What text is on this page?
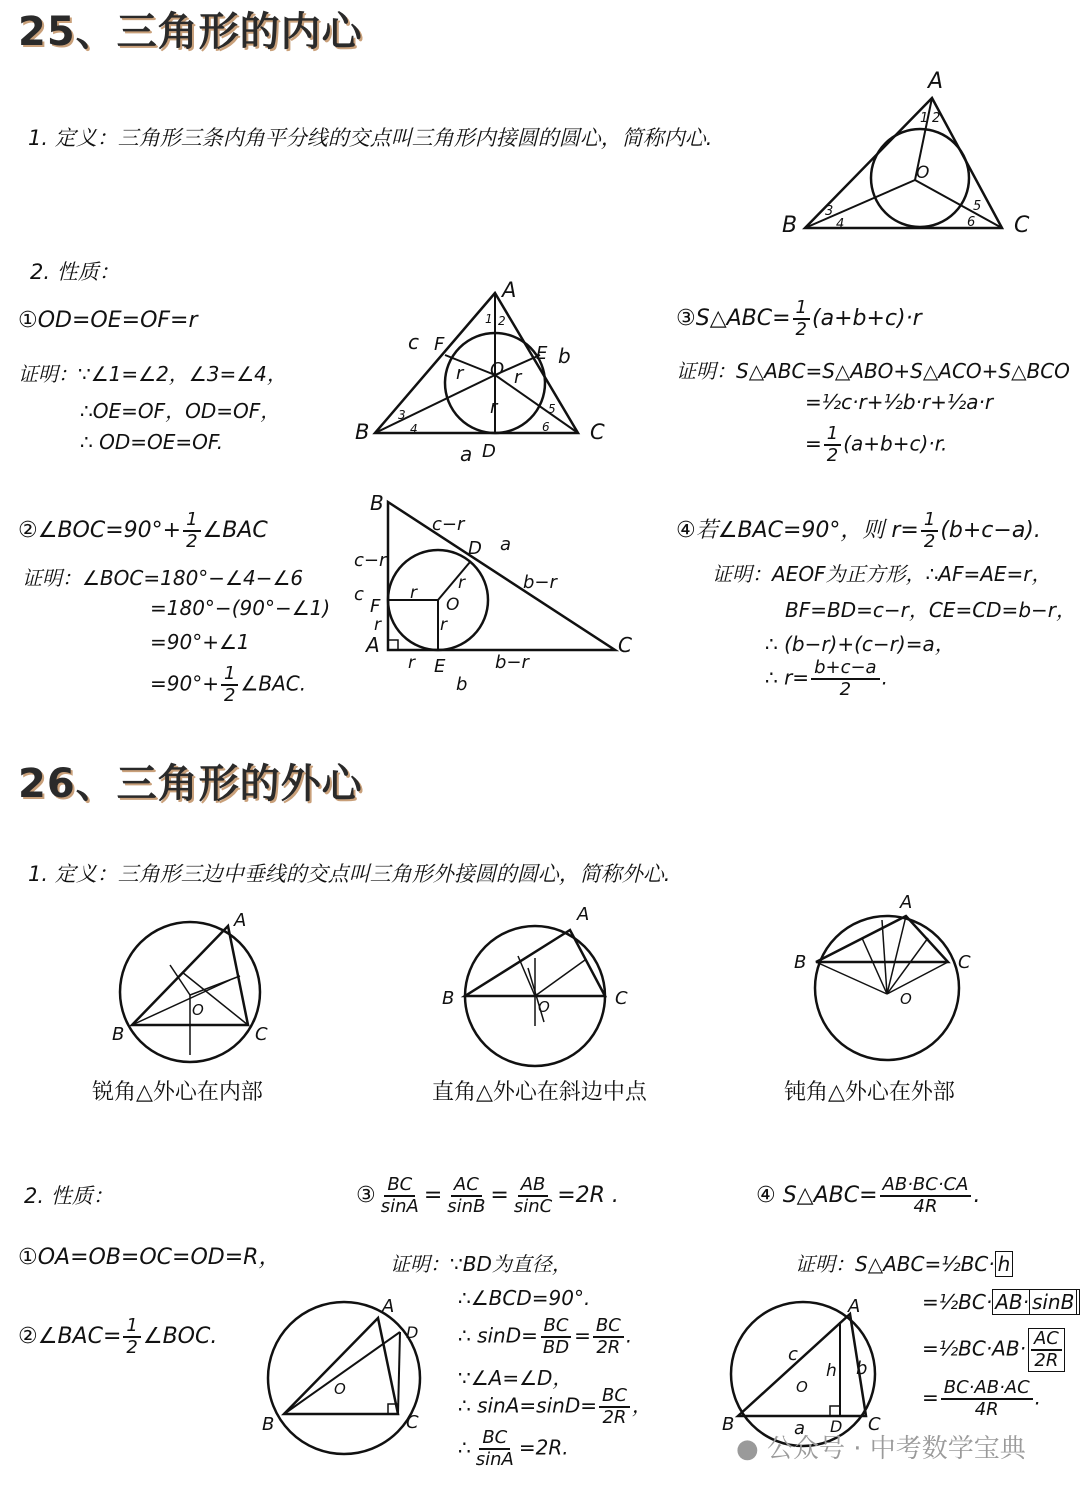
25、三角形的内心
1. 定义：三角形三条内角平分线的交点叫三角形内接圆的圆心，简称内心.
A
B	C
O
1 2
3
4
5
6
2. 性质：
①OD=OE=OF=r
证明：∵∠1=∠2，∠3=∠4，
∴OE=OF，OD=OF，
∴ OD=OE=OF.
A
B	C
D
E
F
O
a
b
c
r	r
r
1 2
3
4
5
6
③S△ABC= $\frac{1}{2} (a+b+c)\cdot r$
证明：S△ABC=S△ABO+S△ACO+S△BCO
=½c·r+½b·r+½a·r
= $\frac{1}{2} (a+b+c)\cdot r$.
②∠BOC=90°+ $\frac{1}{2}$ ∠BAC
证明：∠BOC=180°−∠4−∠6
=180°−(90°−∠1)
=90°+∠1
$=90^\circ+ \frac{1}{2}$ ∠BAC.
B
A	C
D
E
F	O
a
b
c
c−r
c−r
b−r
b−r
r
r
r
r
r
④若∠BAC=90°，则 $r= \frac{1}{2} (b+c-a)$.
证明：AEOF为正方形，∴AF=AE=r，
BF=BD=c−r，CE=CD=b−r，
∴ (b−r)+(c−r)=a，
∴ $r= \frac{b+c-a}{2}$ .
26、三角形的外心
1. 定义：三角形三边中垂线的交点叫三角形外接圆的圆心，简称外心.
A
B	C
O
锐角△外心在内部
A
B	C
O
直角△外心在斜边中点
A
B	C
O
钝角△外心在外部
2. 性质：
①OA=OB=OC=OD=R，
②∠BAC= $\frac{1}{2}$ ∠BOC.
③ $\frac{BC}{\sin A} = \frac{AC}{\sin B} = \frac{AB}{\sin C} =2R$ .
证明：∵BD为直径，
∴∠BCD=90°.
∴ $\sin D= \frac{BC}{BD} = \frac{BC}{2R}$ .
∵∠A=∠D，
∴ $\sin A=\sin D= \frac{BC}{2R}$ ，
∴ $\frac{BC}{\sin A} =2R$.
A
B	C
D
O
④ S△ABC= $\frac{AB\cdot BC\cdot CA}{4R}$ .
证明：S△ABC=½BC· h
=½BC· AB· sinB
=½BC·AB· $\frac{AC}{2R}$
= $\frac{BC\cdot AB\cdot AC}{4R}$ .
A
B	C
D
O
c
b
h
a
● 公众号 · 中考数学宝典
